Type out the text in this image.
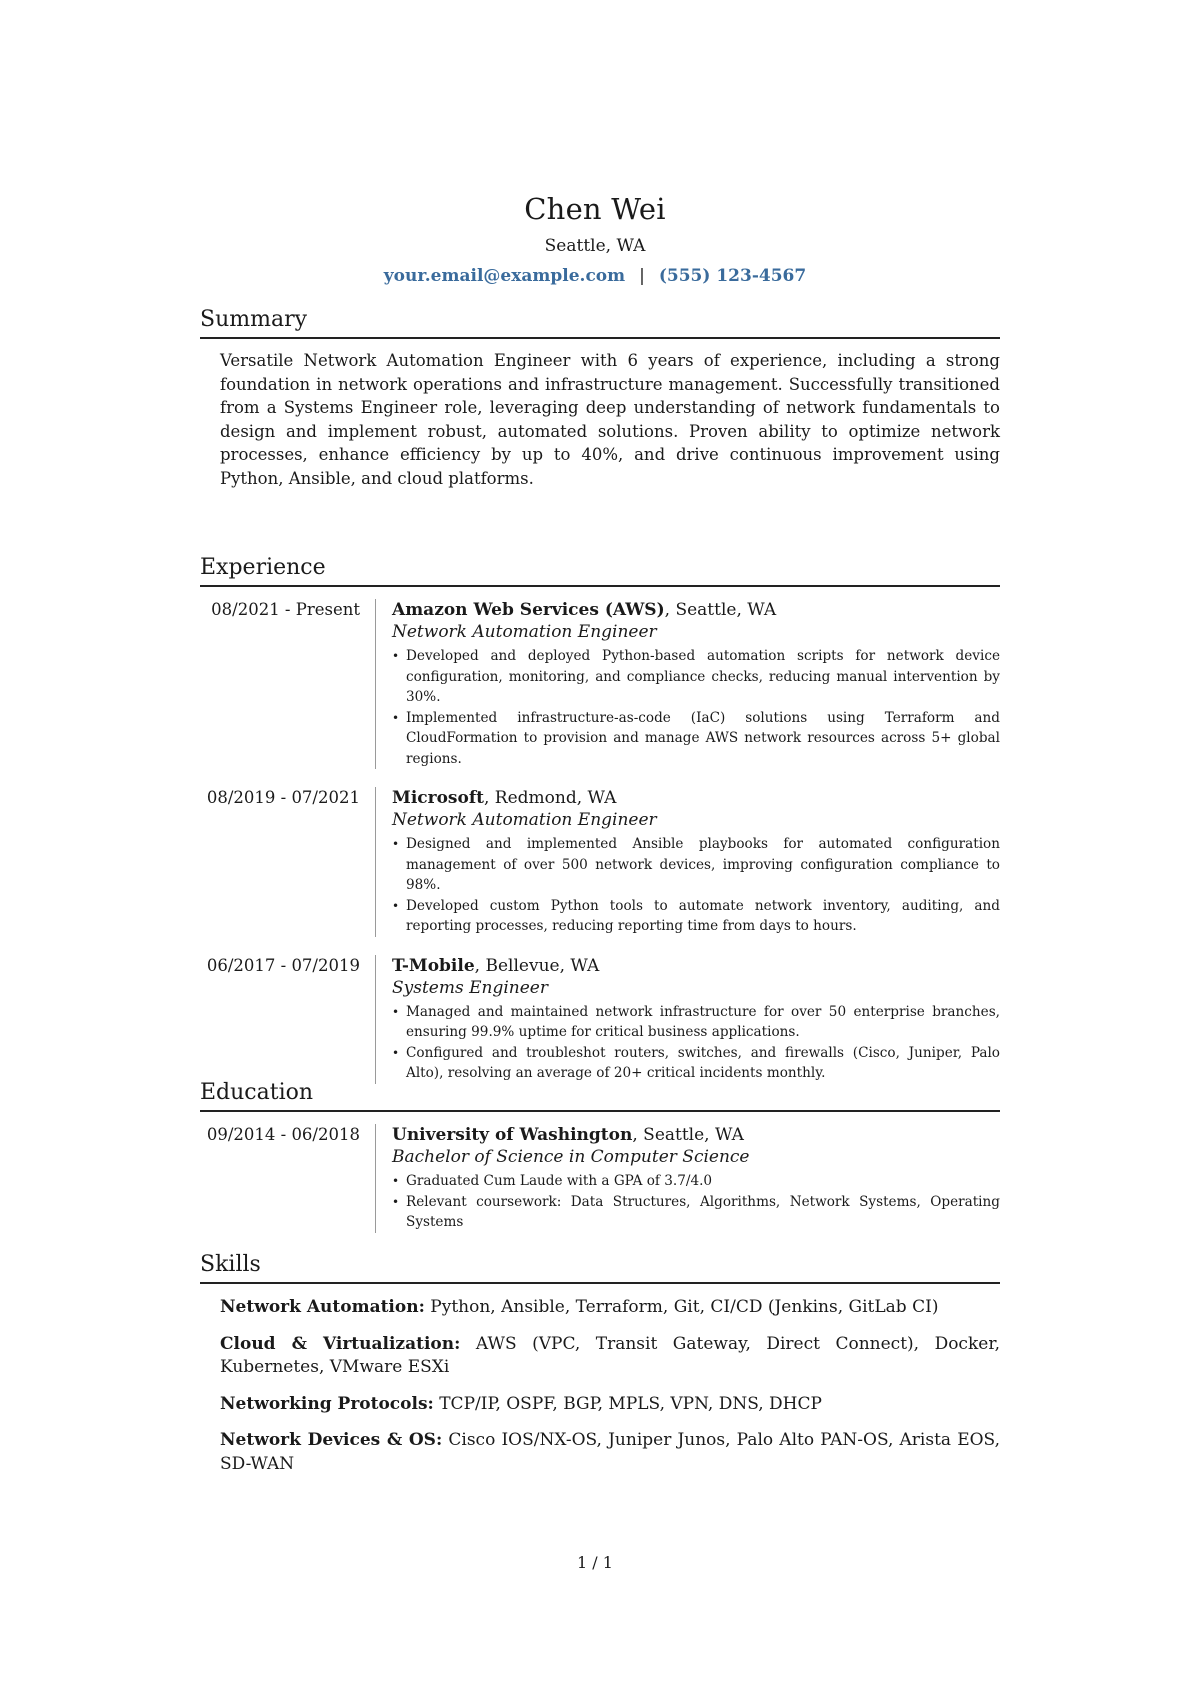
Chen Wei
Seattle, WA
your.email@example.com | (555) 123-4567
Summary

Versatile Network Automation Engineer with 6 years of experience, including a strong foundation in network operations and infrastructure management. Successfully transitioned from a Systems Engineer role, leveraging deep understanding of network fundamentals to design and implement robust, automated solutions. Proven ability to optimize network processes, enhance efficiency by up to 40%, and drive continuous improvement using Python, Ansible, and cloud platforms.

Experience
08/2021 - Present	Amazon Web Services (AWS), Seattle, WA
Network Automation Engineer
• Developed and deployed Python-based automation scripts for network device configuration, monitoring, and compliance checks, reducing manual intervention by 30%.
• Implemented infrastructure-as-code (IaC) solutions using Terraform and CloudFormation to provision and manage AWS network resources across 5+ global regions.
08/2019 - 07/2021	Microsoft, Redmond, WA
Network Automation Engineer
• Designed and implemented Ansible playbooks for automated configuration management of over 500 network devices, improving configuration compliance to 98%.
• Developed custom Python tools to automate network inventory, auditing, and reporting processes, reducing reporting time from days to hours.
06/2017 - 07/2019	T-Mobile, Bellevue, WA
Systems Engineer
• Managed and maintained network infrastructure for over 50 enterprise branches, ensuring 99.9% uptime for critical business applications.
• Configured and troubleshot routers, switches, and firewalls (Cisco, Juniper, Palo Alto), resolving an average of 20+ critical incidents monthly.
Education
09/2014 - 06/2018	University of Washington, Seattle, WA
Bachelor of Science in Computer Science
• Graduated Cum Laude with a GPA of 3.7/4.0
• Relevant coursework: Data Structures, Algorithms, Network Systems, Operating Systems
Skills

Network Automation: Python, Ansible, Terraform, Git, CI/CD (Jenkins, GitLab CI)

Cloud & Virtualization: AWS (VPC, Transit Gateway, Direct Connect), Docker, Kubernetes, VMware ESXi

Networking Protocols: TCP/IP, OSPF, BGP, MPLS, VPN, DNS, DHCP

Network Devices & OS: Cisco IOS/NX-OS, Juniper Junos, Palo Alto PAN-OS, Arista EOS, SD-WAN

1 / 1
